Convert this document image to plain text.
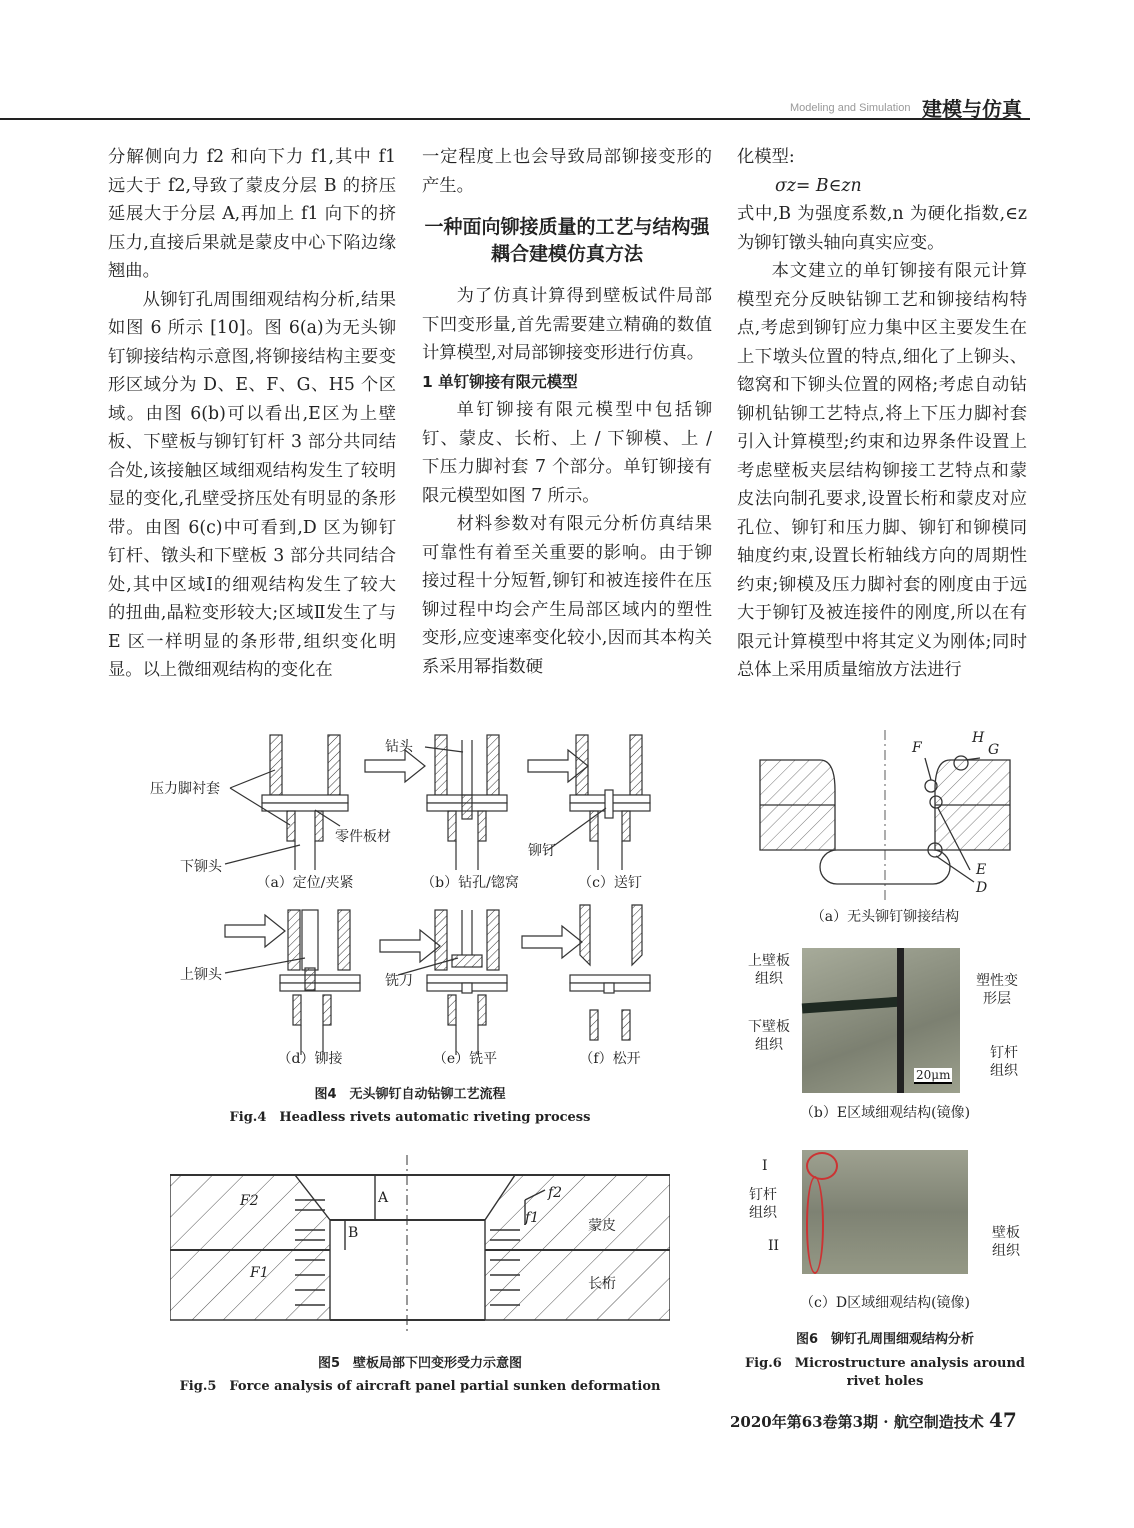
Modeling and Simulation 建模与仿真

分解侧向力 f2 和向下力 f1,其中 f1 远大于 f2,导致了蒙皮分层 B 的挤压延展大于分层 A,再加上 f1 向下的挤压力,直接后果就是蒙皮中心下陷边缘翘曲。

从铆钉孔周围细观结构分析,结果如图 6 所示 [10]。图 6(a)为无头铆钉铆接结构示意图,将铆接结构主要变形区域分为 D、E、F、G、H5 个区域。由图 6(b)可以看出,E区为上壁板、下壁板与铆钉钉杆 3 部分共同结合处,该接触区域细观结构发生了较明显的变化,孔壁受挤压处有明显的条形带。由图 6(c)中可看到,D 区为铆钉钉杆、镦头和下壁板 3 部分共同结合处,其中区域Ⅰ的细观结构发生了较大的扭曲,晶粒变形较大;区域Ⅱ发生了与 E 区一样明显的条形带,组织变化明显。以上微细观结构的变化在

一定程度上也会导致局部铆接变形的产生。

一种面向铆接质量的工艺与结构强耦合建模仿真方法

为了仿真计算得到壁板试件局部下凹变形量,首先需要建立精确的数值计算模型,对局部铆接变形进行仿真。

1 单钉铆接有限元模型

单钉铆接有限元模型中包括铆钉、蒙皮、长桁、上 / 下铆模、上 / 下压力脚衬套 7 个部分。单钉铆接有限元模型如图 7 所示。

材料参数对有限元分析仿真结果可靠性有着至关重要的影响。由于铆接过程十分短暂,铆钉和被连接件在压铆过程中均会产生局部区域内的塑性变形,应变速率变化较小,因而其本构关系采用幂指数硬

化模型:

σz= B∈zn

式中,B 为强度系数,n 为硬化指数,∈z 为铆钉镦头轴向真实应变。

本文建立的单钉铆接有限元计算模型充分反映钻铆工艺和铆接结构特点,考虑到铆钉应力集中区主要发生在上下墩头位置的特点,细化了上铆头、锪窝和下铆头位置的网格;考虑自动钻铆机钻铆工艺特点,将上下压力脚衬套引入计算模型;约束和边界条件设置上考虑壁板夹层结构铆接工艺特点和蒙皮法向制孔要求,设置长桁和蒙皮对应孔位、铆钉和压力脚、铆钉和铆模同轴度约束,设置长桁轴线方向的周期性约束;铆模及压力脚衬套的刚度由于远大于铆钉及被连接件的刚度,所以在有限元计算模型中将其定义为刚体;同时总体上采用质量缩放方法进行

压力脚衬套
钻头
零件板材
下铆头
铆钉
上铆头	铣刀
（a）定位/夹紧	（b）钻孔/锪窝	（c）送钉
（d）铆接	（e）铣平	（f）松开
图4　无头铆钉自动钻铆工艺流程
Fig.4　Headless rivets automatic riveting process
F2
F1
A
B
f2
f1	蒙皮
长桁
图5　壁板局部下凹变形受力示意图
Fig.5　Force analysis of aircraft panel partial sunken deformation
F
H
G
E
D
（a）无头铆钉铆接结构
20μm
上壁板组织	塑性变形层
下壁板组织	钉杆组织
（b）E区域细观结构(镜像)
I
钉杆组织
II
壁板组织
（c）D区域细观结构(镜像)
图6　铆钉孔周围细观结构分析
Fig.6　Microstructure analysis around
rivet holes
2020年第63卷第3期 · 航空制造技术 47
